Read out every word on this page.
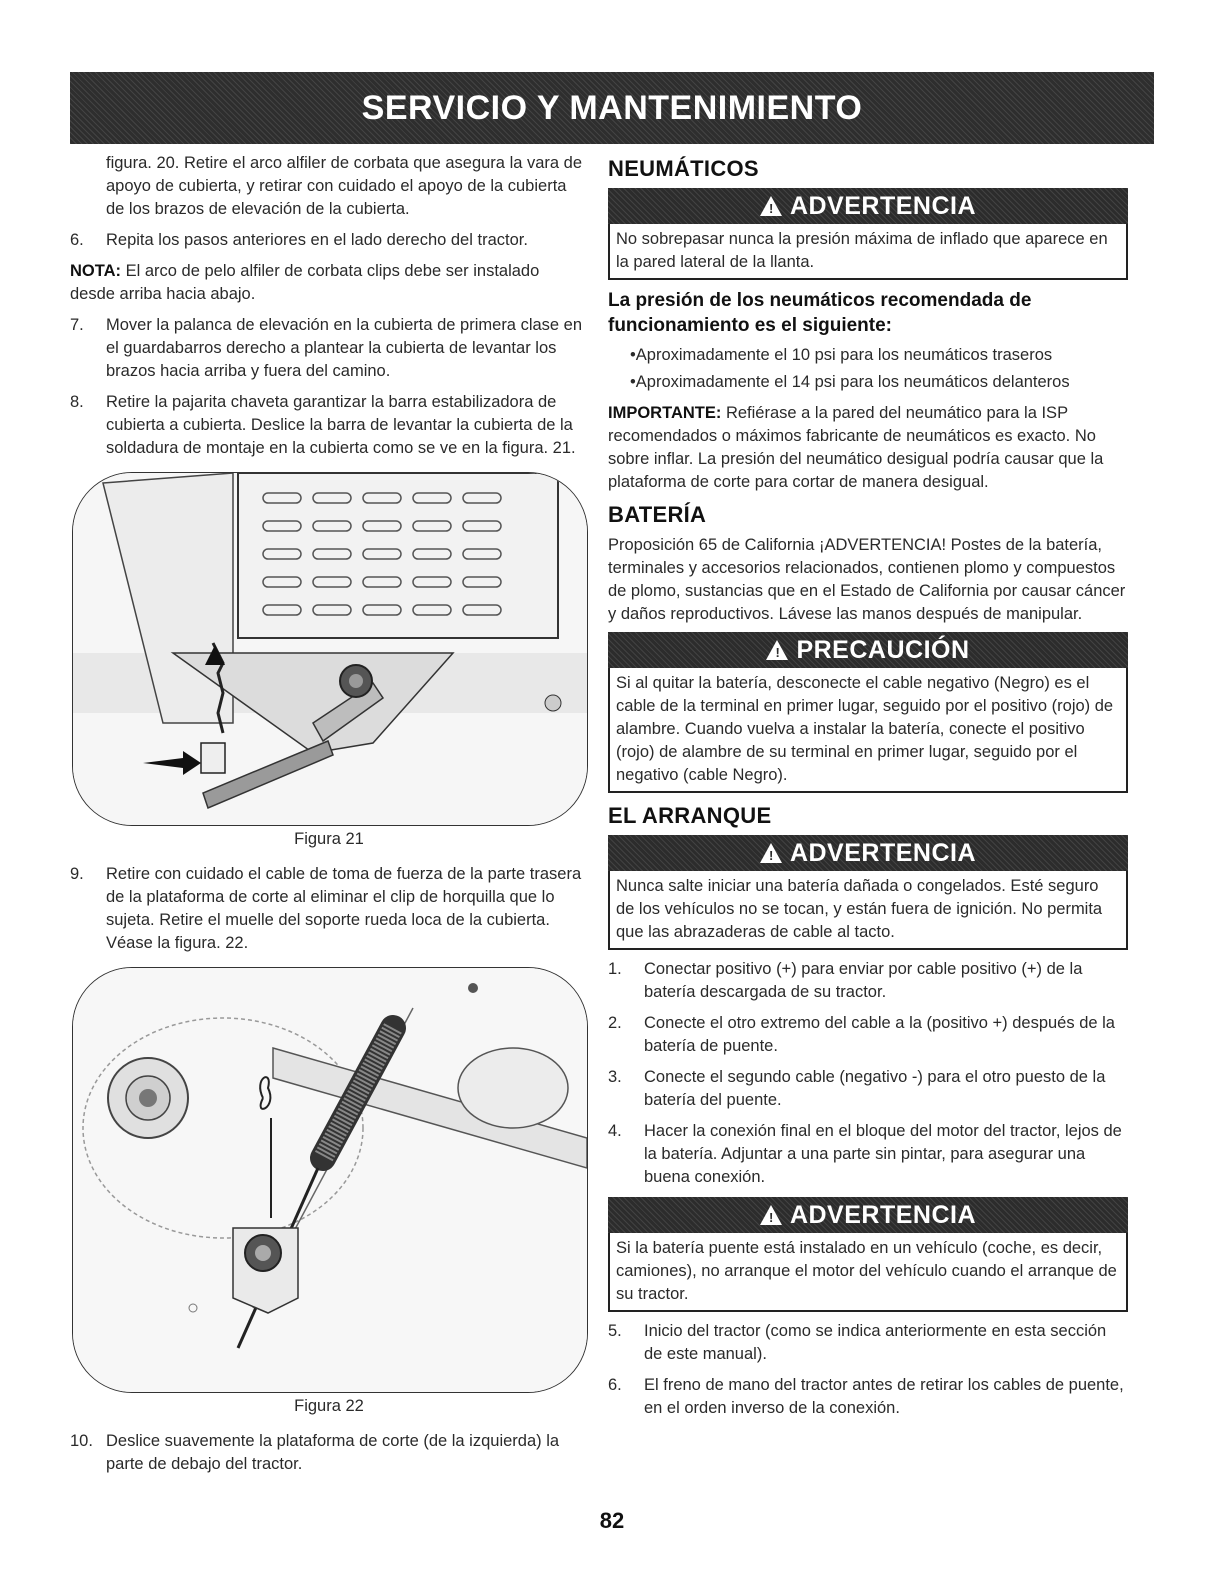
SERVICIO Y MANTENIMIENTO

figura. 20. Retire el arco alfiler de corbata que asegura la vara de apoyo de cubierta, y retirar con cuidado el apoyo de la cubierta de los brazos de elevación de la cubierta.

6. Repita los pasos anteriores en el lado derecho del tractor.

NOTA: El arco de pelo alfiler de corbata clips debe ser instalado desde arriba hacia abajo.

7. Mover la palanca de elevación en la cubierta de primera clase en el guardabarros derecho a plantear la cubierta de levantar los brazos hacia arriba y fuera del camino.

8. Retire la pajarita chaveta garantizar la barra estabilizadora de cubierta a cubierta. Deslice la barra de levantar la cubierta de la soldadura de montaje en la cubierta como se ve en la figura. 21.

Figura 21

9. Retire con cuidado el cable de toma de fuerza de la parte trasera de la plataforma de corte al eliminar el clip de horquilla que lo sujeta. Retire el muelle del soporte rueda loca de la cubierta. Véase la figura. 22.

Figura 22

10. Deslice suavemente la plataforma de corte (de la izquierda) la parte de debajo del tractor.

NEUMÁTICOS
! ADVERTENCIA

No sobrepasar nunca la presión máxima de inflado que aparece en la pared lateral de la llanta.

La presión de los neumáticos recomendada de funcionamiento es el siguiente:

•Aproximadamente el 10 psi para los neumáticos traseros

•Aproximadamente el 14 psi para los neumáticos delanteros

IMPORTANTE: Refiérase a la pared del neumático para la ISP recomendados o máximos fabricante de neumáticos es exacto. No sobre inflar. La presión del neumático desigual podría causar que la plataforma de corte para cortar de manera desigual.

BATERÍA

Proposición 65 de California ¡ADVERTENCIA! Postes de la batería, terminales y accesorios relacionados, contienen plomo y compuestos de plomo, sustancias que en el Estado de California por causar cáncer y daños reproductivos. Lávese las manos después de manipular.

! PRECAUCIÓN

Si al quitar la batería, desconecte el cable negativo (Negro) es el cable de la terminal en primer lugar, seguido por el positivo (rojo) de alambre. Cuando vuelva a instalar la batería, conecte el positivo (rojo) de alambre de su terminal en primer lugar, seguido por el negativo (cable Negro).

EL ARRANQUE
! ADVERTENCIA

Nunca salte iniciar una batería dañada o congelados. Esté seguro de los vehículos no se tocan, y están fuera de ignición. No permita que las abrazaderas de cable al tacto.

1. Conectar positivo (+) para enviar por cable positivo (+) de la batería descargada de su tractor.

2. Conecte el otro extremo del cable a la (positivo +) después de la batería de puente.

3. Conecte el segundo cable (negativo -) para el otro puesto de la batería del puente.

4. Hacer la conexión final en el bloque del motor del tractor, lejos de la batería. Adjuntar a una parte sin pintar, para asegurar una buena conexión.

! ADVERTENCIA

Si la batería puente está instalado en un vehículo (coche, es decir, camiones), no arranque el motor del vehículo cuando el arranque de su tractor.

5. Inicio del tractor (como se indica anteriormente en esta sección de este manual).

6. El freno de mano del tractor antes de retirar los cables de puente, en el orden inverso de la conexión.

82
